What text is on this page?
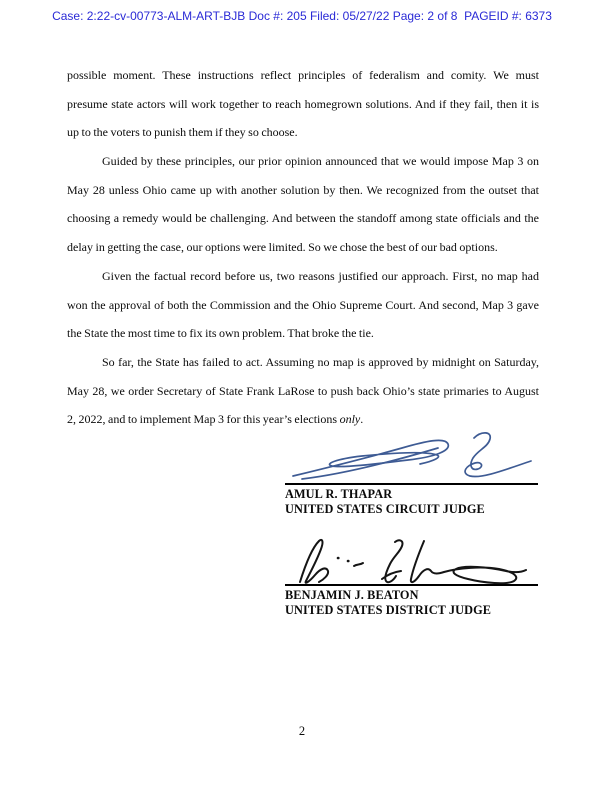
Case: 2:22-cv-00773-ALM-ART-BJB Doc #: 205 Filed: 05/27/22 Page: 2 of 8  PAGEID #: 6373
possible moment. These instructions reflect principles of federalism and comity. We must
presume state actors will work together to reach homegrown solutions. And if they fail, then it is
up to the voters to punish them if they so choose.
Guided by these principles, our prior opinion announced that we would impose Map 3 on
May 28 unless Ohio came up with another solution by then. We recognized from the outset that
choosing a remedy would be challenging. And between the standoff among state officials and the
delay in getting the case, our options were limited. So we chose the best of our bad options.
Given the factual record before us, two reasons justified our approach. First, no map had
won the approval of both the Commission and the Ohio Supreme Court. And second, Map 3 gave
the State the most time to fix its own problem. That broke the tie.
So far, the State has failed to act. Assuming no map is approved by midnight on Saturday,
May 28, we order Secretary of State Frank LaRose to push back Ohio’s state primaries to August
2, 2022, and to implement Map 3 for this year’s elections only.
AMUL R. THAPAR
UNITED STATES CIRCUIT JUDGE
BENJAMIN J. BEATON
UNITED STATES DISTRICT JUDGE
2
